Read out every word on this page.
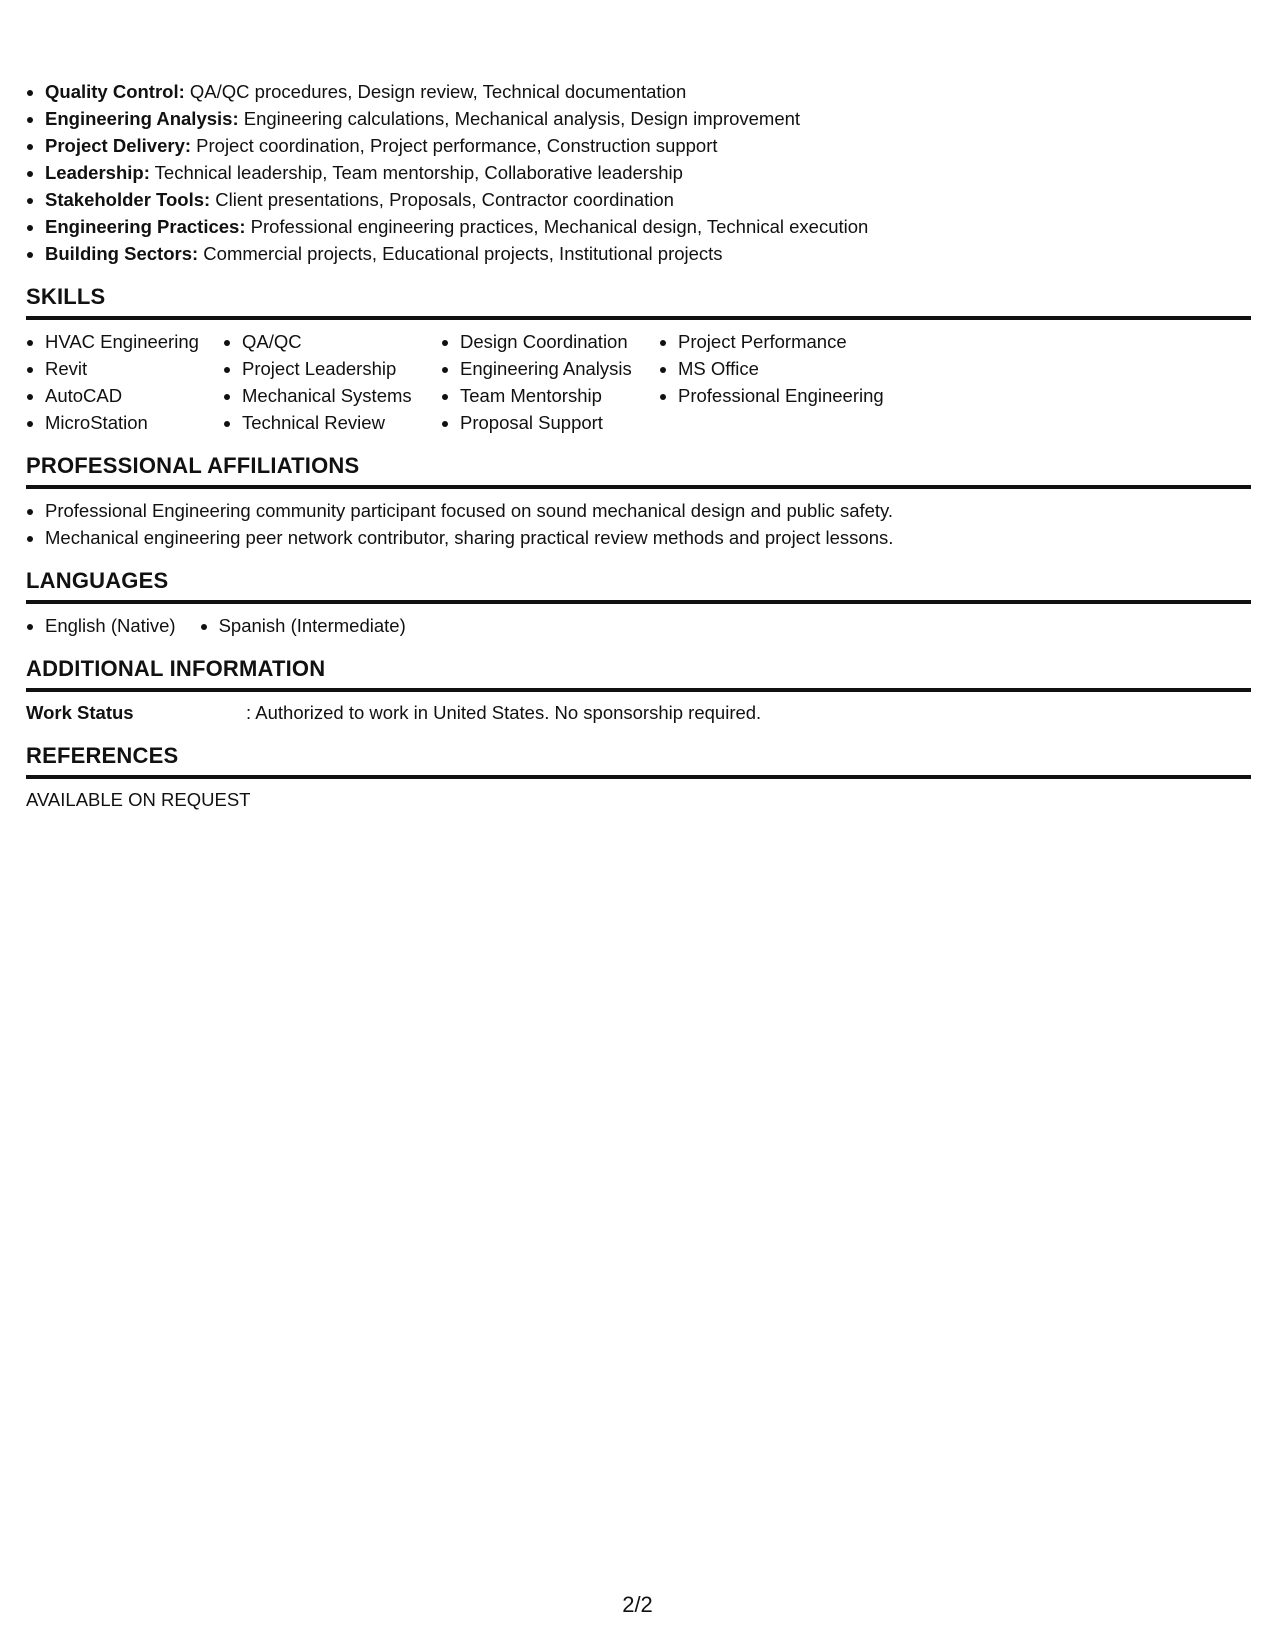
Quality Control: QA/QC procedures, Design review, Technical documentation
Engineering Analysis: Engineering calculations, Mechanical analysis, Design improvement
Project Delivery: Project coordination, Project performance, Construction support
Leadership: Technical leadership, Team mentorship, Collaborative leadership
Stakeholder Tools: Client presentations, Proposals, Contractor coordination
Engineering Practices: Professional engineering practices, Mechanical design, Technical execution
Building Sectors: Commercial projects, Educational projects, Institutional projects
SKILLS
HVAC Engineering
Revit
AutoCAD
MicroStation
QA/QC
Project Leadership
Mechanical Systems
Technical Review
Design Coordination
Engineering Analysis
Team Mentorship
Proposal Support
Project Performance
MS Office
Professional Engineering
PROFESSIONAL AFFILIATIONS
Professional Engineering community participant focused on sound mechanical design and public safety.
Mechanical engineering peer network contributor, sharing practical review methods and project lessons.
LANGUAGES
English (Native)	Spanish (Intermediate)
ADDITIONAL INFORMATION
Work Status	: Authorized to work in United States. No sponsorship required.
REFERENCES
AVAILABLE ON REQUEST
2/2
